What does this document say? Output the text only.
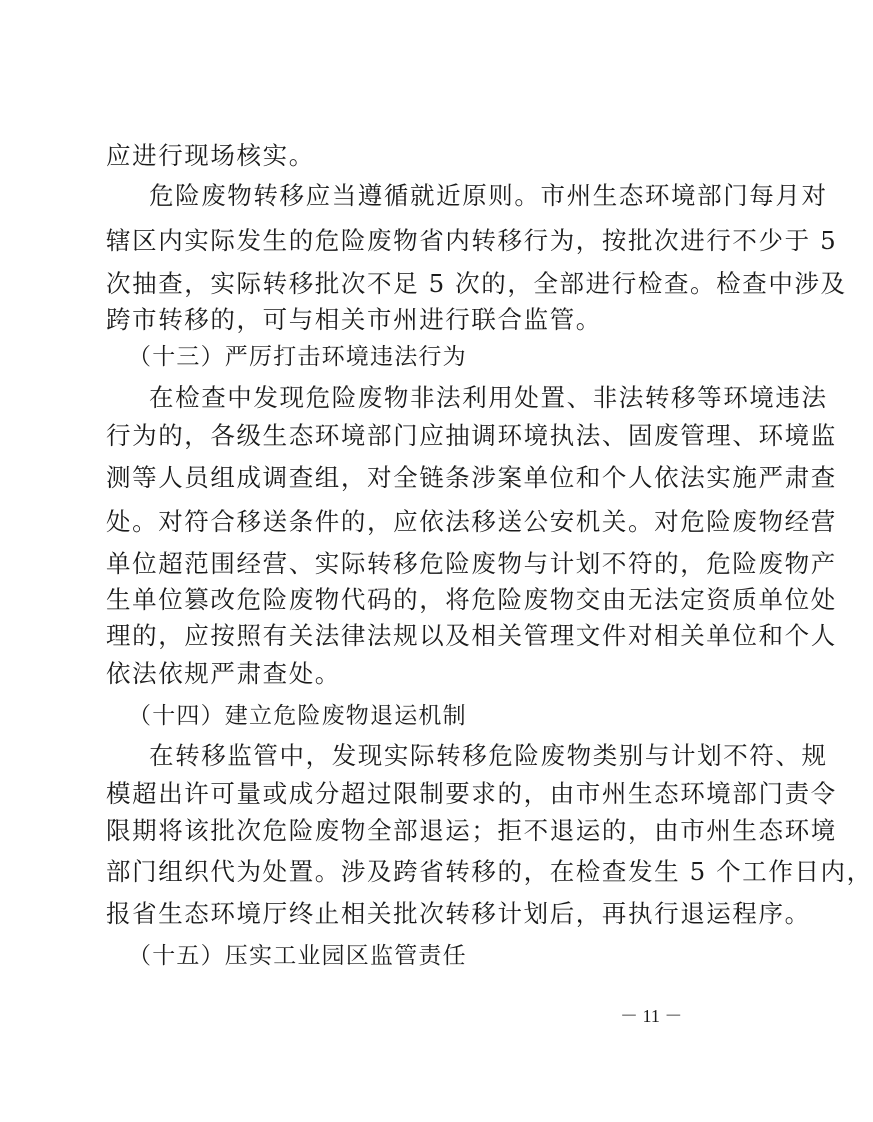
应进行现场核实。
危险废物转移应当遵循就近原则。市州生态环境部门每月对
辖区内实际发生的危险废物省内转移行为，按批次进行不少于 5
次抽查，实际转移批次不足 5 次的，全部进行检查。检查中涉及
跨市转移的，可与相关市州进行联合监管。
（十三）严厉打击环境违法行为
在检查中发现危险废物非法利用处置、非法转移等环境违法
行为的，各级生态环境部门应抽调环境执法、固废管理、环境监
测等人员组成调查组，对全链条涉案单位和个人依法实施严肃查
处。对符合移送条件的，应依法移送公安机关。对危险废物经营
单位超范围经营、实际转移危险废物与计划不符的，危险废物产
生单位篡改危险废物代码的，将危险废物交由无法定资质单位处
理的，应按照有关法律法规以及相关管理文件对相关单位和个人
依法依规严肃查处。
（十四）建立危险废物退运机制
在转移监管中，发现实际转移危险废物类别与计划不符、规
模超出许可量或成分超过限制要求的，由市州生态环境部门责令
限期将该批次危险废物全部退运；拒不退运的，由市州生态环境
部门组织代为处置。涉及跨省转移的，在检查发生 5 个工作日内，
报省生态环境厅终止相关批次转移计划后，再执行退运程序。
（十五）压实工业园区监管责任
－ 11 －
